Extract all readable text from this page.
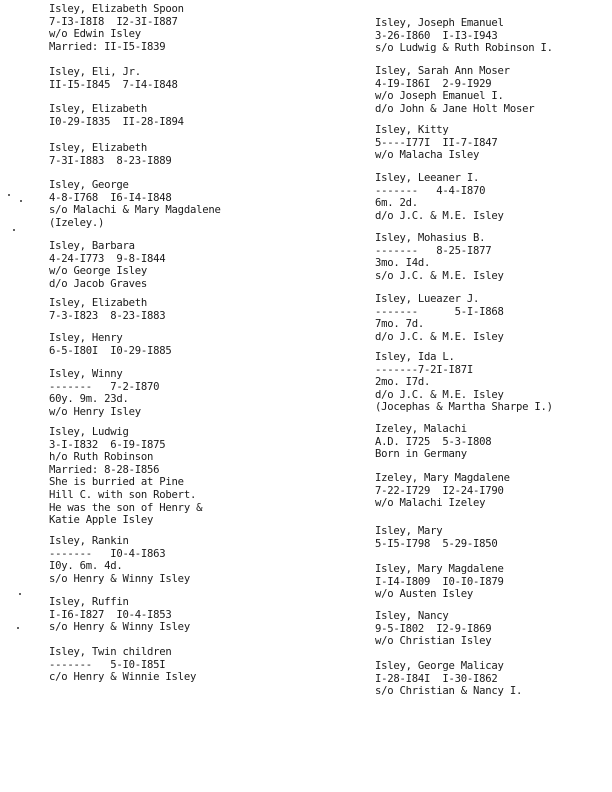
Isley, Elizabeth Spoon
7-I3-I8I8  I2-3I-I887
w/o Edwin Isley
Married: II-I5-I839
Isley, Eli, Jr.
II-I5-I845  7-I4-I848
Isley, Elizabeth
I0-29-I835  II-28-I894
Isley, Elizabeth
7-3I-I883  8-23-I889
Isley, George
4-8-I768  I6-I4-I848
s/o Malachi & Mary Magdalene
(Izeley.)
Isley, Barbara
4-24-I773  9-8-I844
w/o George Isley
d/o Jacob Graves
Isley, Elizabeth
7-3-I823  8-23-I883
Isley, Henry
6-5-I80I  I0-29-I885
Isley, Winny
-------   7-2-I870
60y. 9m. 23d.
w/o Henry Isley
Isley, Ludwig
3-I-I832  6-I9-I875
h/o Ruth Robinson
Married: 8-28-I856
She is burried at Pine
Hill C. with son Robert.
He was the son of Henry &
Katie Apple Isley
Isley, Rankin
-------   I0-4-I863
I0y. 6m. 4d.
s/o Henry & Winny Isley
Isley, Ruffin
I-I6-I827  I0-4-I853
s/o Henry & Winny Isley
Isley, Twin children
-------   5-I0-I85I
c/o Henry & Winnie Isley
Isley, Joseph Emanuel
3-26-I860  I-I3-I943
s/o Ludwig & Ruth Robinson I.
Isley, Sarah Ann Moser
4-I9-I86I  2-9-I929
w/o Joseph Emanuel I.
d/o John & Jane Holt Moser
Isley, Kitty
5----I77I  II-7-I847
w/o Malacha Isley
Isley, Leeaner I.
-------   4-4-I870
6m. 2d.
d/o J.C. & M.E. Isley
Isley, Mohasius B.
-------   8-25-I877
3mo. I4d.
s/o J.C. & M.E. Isley
Isley, Lueazer J.
-------      5-I-I868
7mo. 7d.
d/o J.C. & M.E. Isley
Isley, Ida L.
-------7-2I-I87I
2mo. I7d.
d/o J.C. & M.E. Isley
(Jocephas & Martha Sharpe I.)
Izeley, Malachi
A.D. I725  5-3-I808
Born in Germany
Izeley, Mary Magdalene
7-22-I729  I2-24-I790
w/o Malachi Izeley
Isley, Mary
5-I5-I798  5-29-I850
Isley, Mary Magdalene
I-I4-I809  I0-I0-I879
w/o Austen Isley
Isley, Nancy
9-5-I802  I2-9-I869
w/o Christian Isley
Isley, George Malicay
I-28-I84I  I-30-I862
s/o Christian & Nancy I.
